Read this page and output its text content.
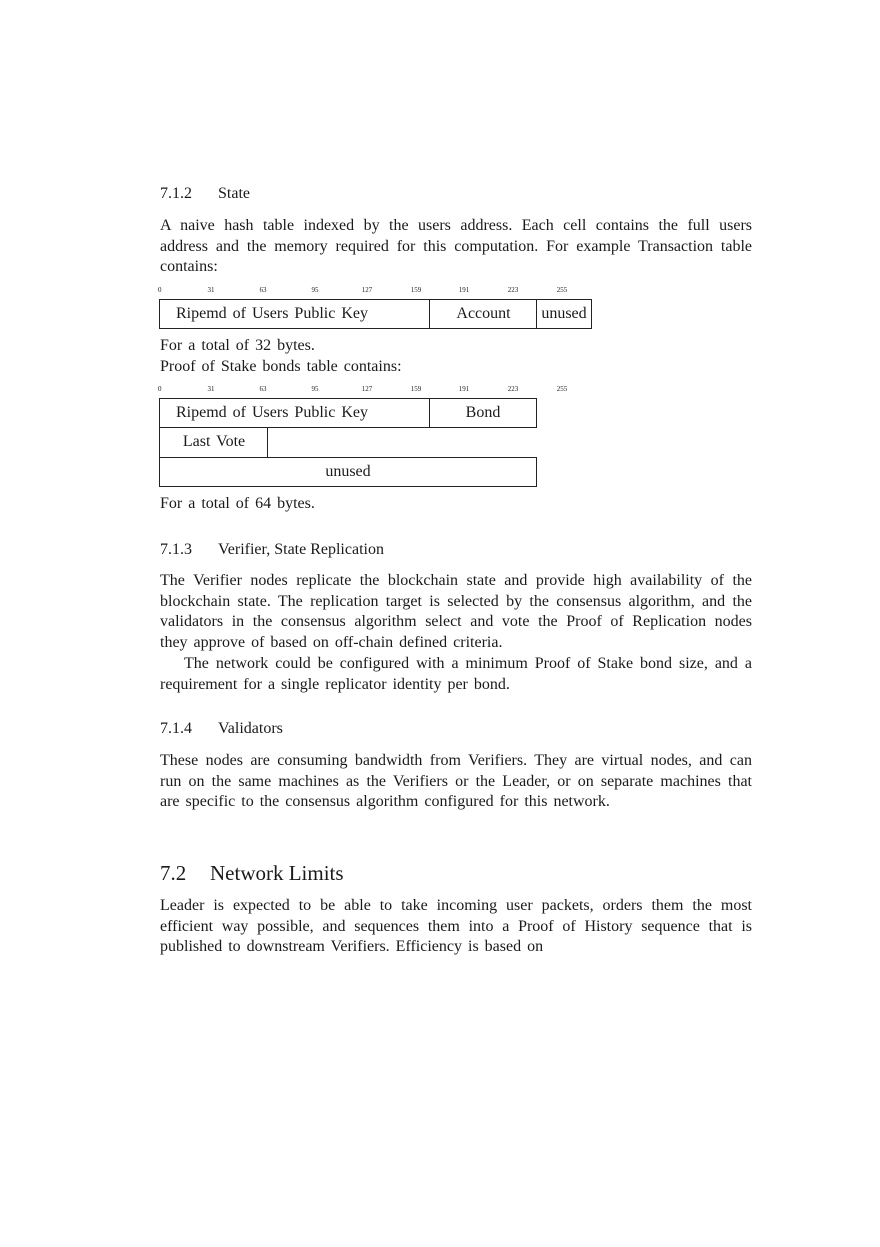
7.1.2 State

A naive hash table indexed by the users address. Each cell contains the full users address and the memory required for this computation. For example Transaction table contains:

0	31	63	95	127	159	191	223	255
Ripemd of Users Public Key	Account	unused
For a total of 32 bytes.
Proof of Stake bonds table contains:
0	31	63	95	127	159	191	223	255
Ripemd of Users Public Key	Bond
Last Vote
unused
For a total of 64 bytes.
7.1.3 Verifier, State Replication

The Verifier nodes replicate the blockchain state and provide high availability of the blockchain state. The replication target is selected by the consensus algorithm, and the validators in the consensus algorithm select and vote the Proof of Replication nodes they approve of based on off-chain defined criteria.

The network could be configured with a minimum Proof of Stake bond size, and a requirement for a single replicator identity per bond.

7.1.4 Validators

These nodes are consuming bandwidth from Verifiers. They are virtual nodes, and can run on the same machines as the Verifiers or the Leader, or on separate machines that are specific to the consensus algorithm configured for this network.

7.2 Network Limits

Leader is expected to be able to take incoming user packets, orders them the most efficient way possible, and sequences them into a Proof of History sequence that is published to downstream Verifiers. Efficiency is based on
